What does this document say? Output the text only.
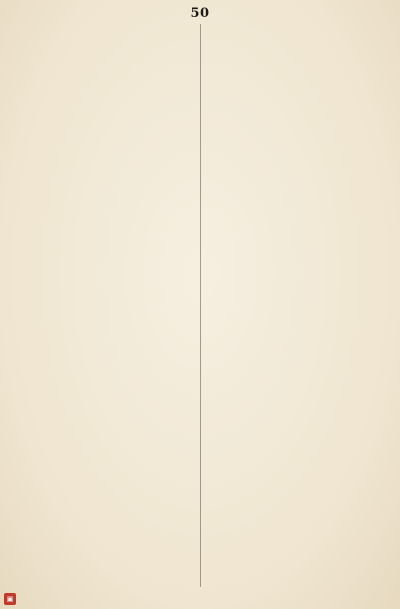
50
▣
